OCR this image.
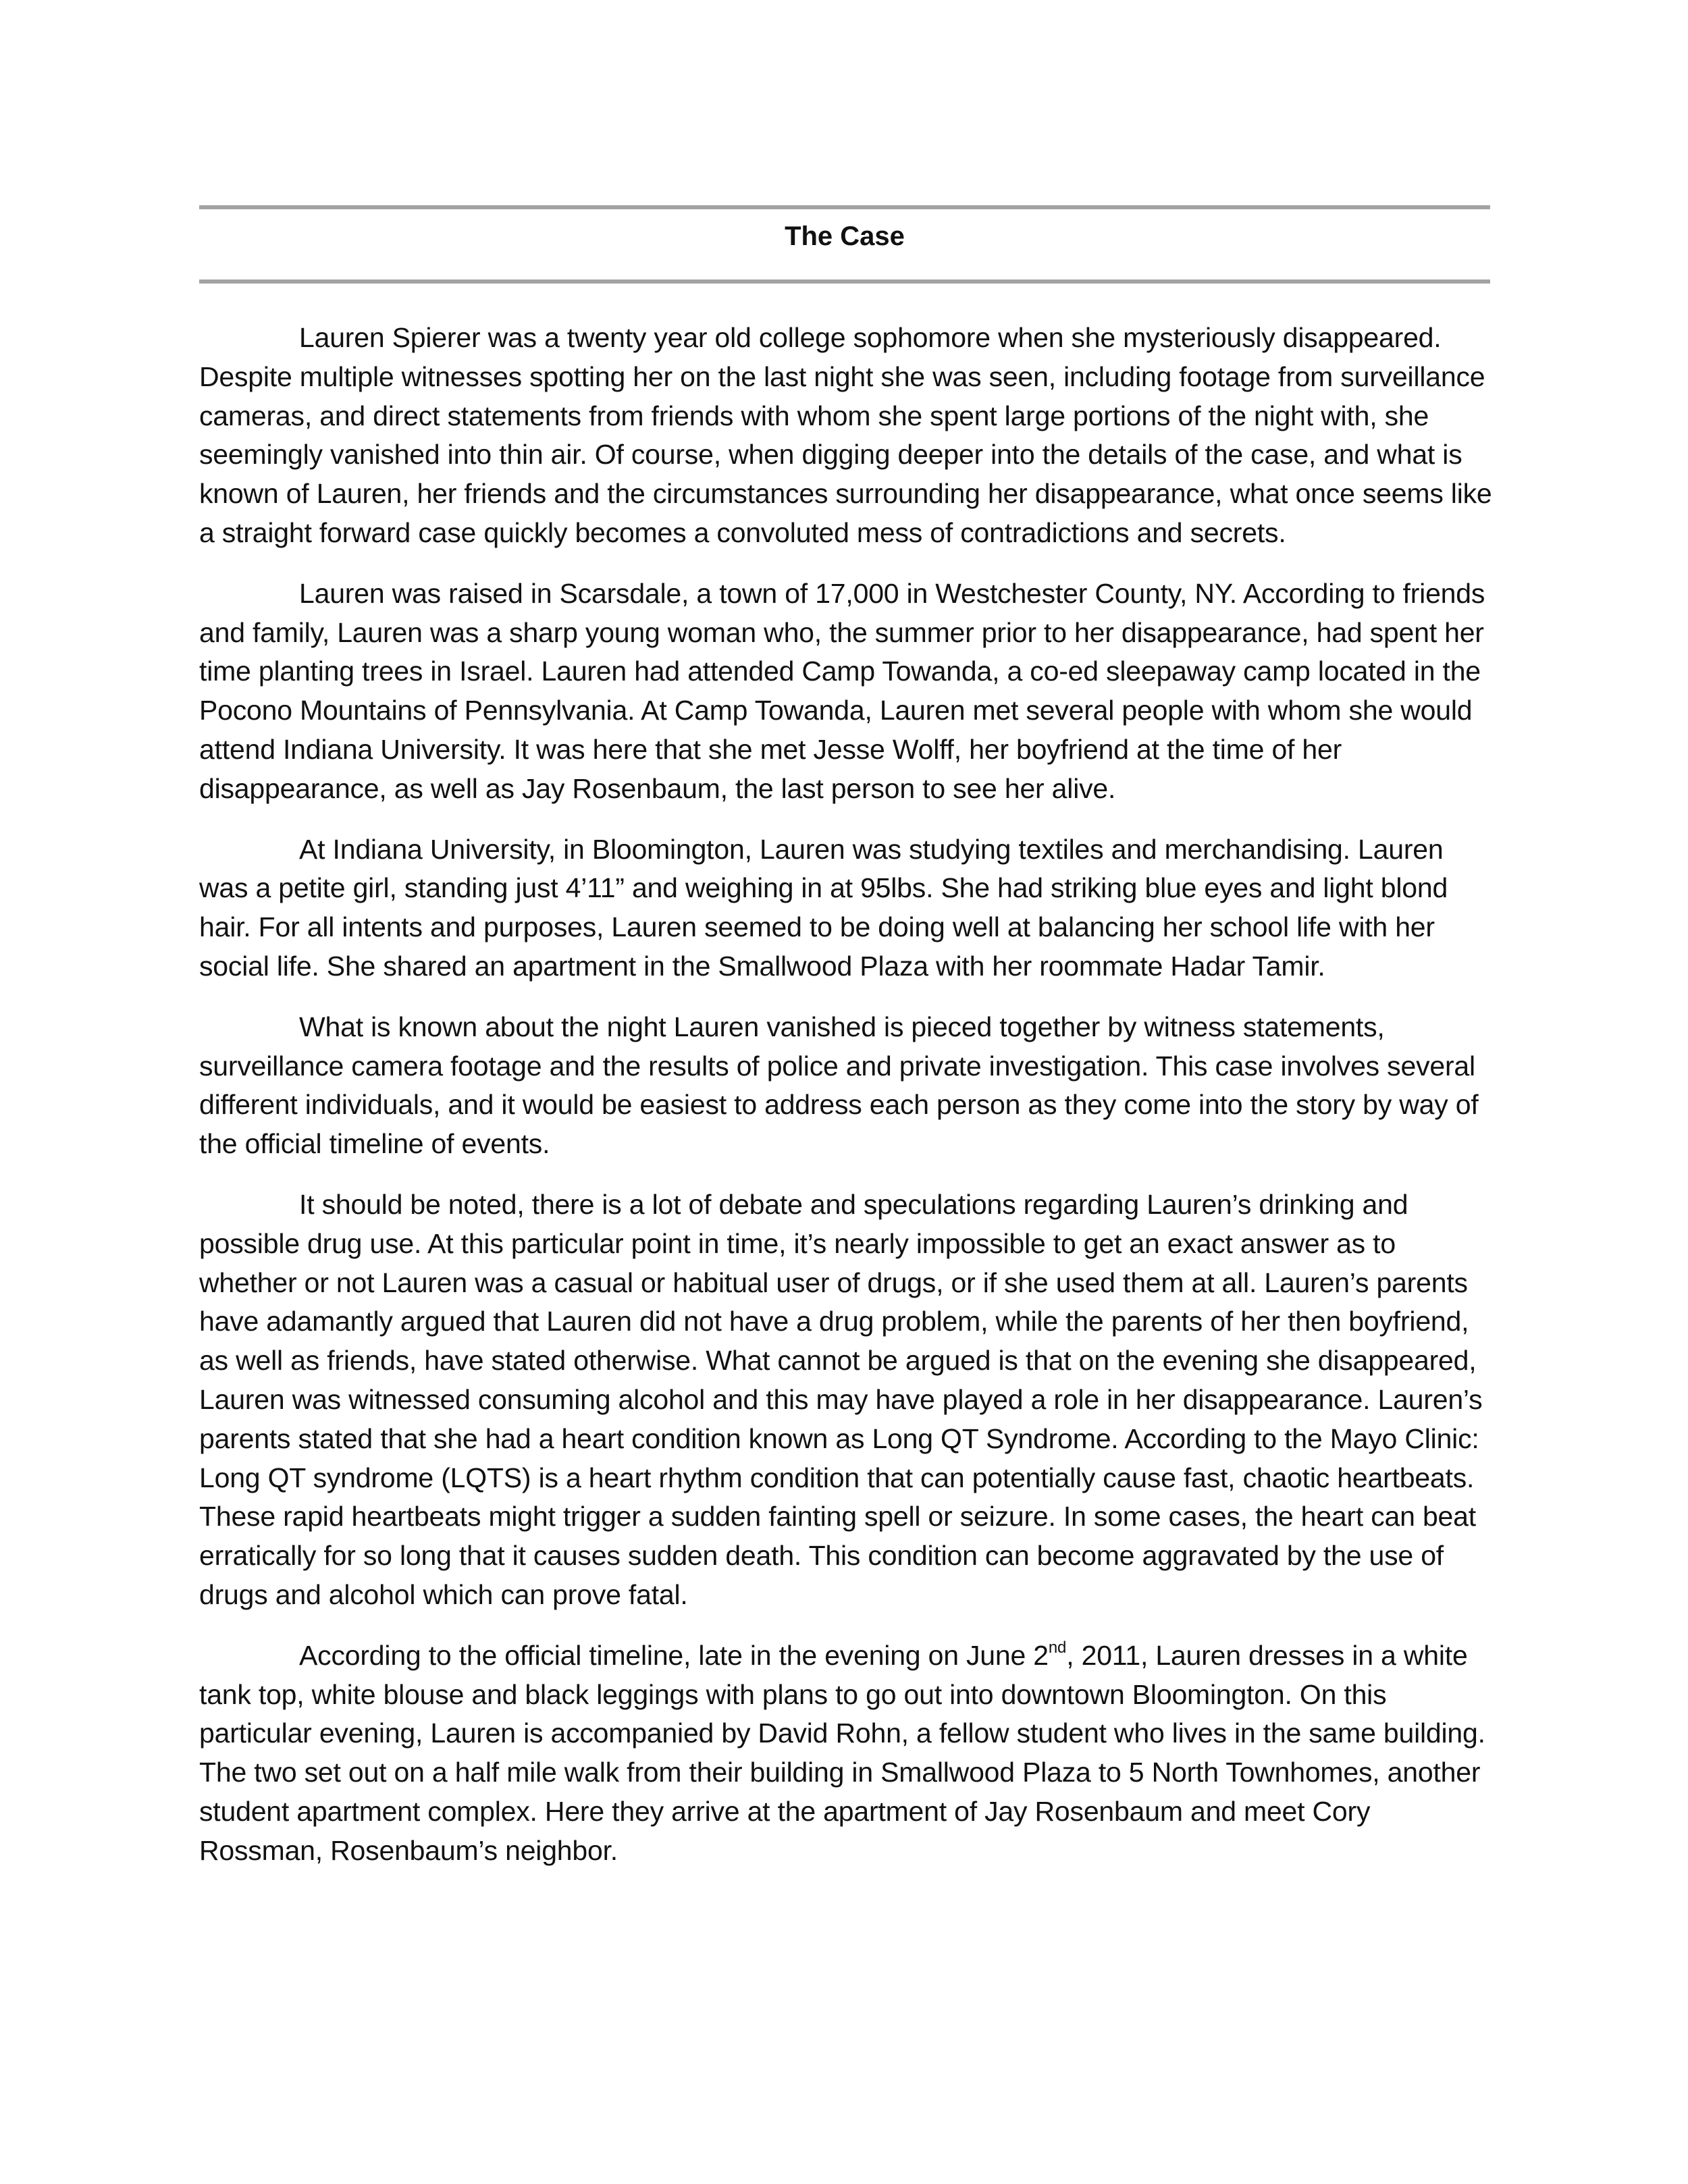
The Case

Lauren Spierer was a twenty year old college sophomore when she mysteriously disappeared. Despite multiple witnesses spotting her on the last night she was seen, including footage from surveillance cameras, and direct statements from friends with whom she spent large portions of the night with, she seemingly vanished into thin air. Of course, when digging deeper into the details of the case, and what is known of Lauren, her friends and the circumstances surrounding her disappearance, what once seems like a straight forward case quickly becomes a convoluted mess of contradictions and secrets.

Lauren was raised in Scarsdale, a town of 17,000 in Westchester County, NY. According to friends and family, Lauren was a sharp young woman who, the summer prior to her disappearance, had spent her time planting trees in Israel. Lauren had attended Camp Towanda, a co-ed sleepaway camp located in the Pocono Mountains of Pennsylvania. At Camp Towanda, Lauren met several people with whom she would attend Indiana University. It was here that she met Jesse Wolff, her boyfriend at the time of her disappearance, as well as Jay Rosenbaum, the last person to see her alive.

At Indiana University, in Bloomington, Lauren was studying textiles and merchandising. Lauren was a petite girl, standing just 4’11” and weighing in at 95lbs. She had striking blue eyes and light blond hair. For all intents and purposes, Lauren seemed to be doing well at balancing her school life with her social life. She shared an apartment in the Smallwood Plaza with her roommate Hadar Tamir.

What is known about the night Lauren vanished is pieced together by witness statements, surveillance camera footage and the results of police and private investigation. This case involves several different individuals, and it would be easiest to address each person as they come into the story by way of the official timeline of events.

It should be noted, there is a lot of debate and speculations regarding Lauren’s drinking and possible drug use. At this particular point in time, it’s nearly impossible to get an exact answer as to whether or not Lauren was a casual or habitual user of drugs, or if she used them at all. Lauren’s parents have adamantly argued that Lauren did not have a drug problem, while the parents of her then boyfriend, as well as friends, have stated otherwise. What cannot be argued is that on the evening she disappeared, Lauren was witnessed consuming alcohol and this may have played a role in her disappearance. Lauren’s parents stated that she had a heart condition known as Long QT Syndrome. According to the Mayo Clinic: Long QT syndrome (LQTS) is a heart rhythm condition that can potentially cause fast, chaotic heartbeats. These rapid heartbeats might trigger a sudden fainting spell or seizure. In some cases, the heart can beat erratically for so long that it causes sudden death. This condition can become aggravated by the use of drugs and alcohol which can prove fatal.

According to the official timeline, late in the evening on June 2nd, 2011, Lauren dresses in a white tank top, white blouse and black leggings with plans to go out into downtown Bloomington. On this particular evening, Lauren is accompanied by David Rohn, a fellow student who lives in the same building. The two set out on a half mile walk from their building in Smallwood Plaza to 5 North Townhomes, another student apartment complex. Here they arrive at the apartment of Jay Rosenbaum and meet Cory Rossman, Rosenbaum’s neighbor.
